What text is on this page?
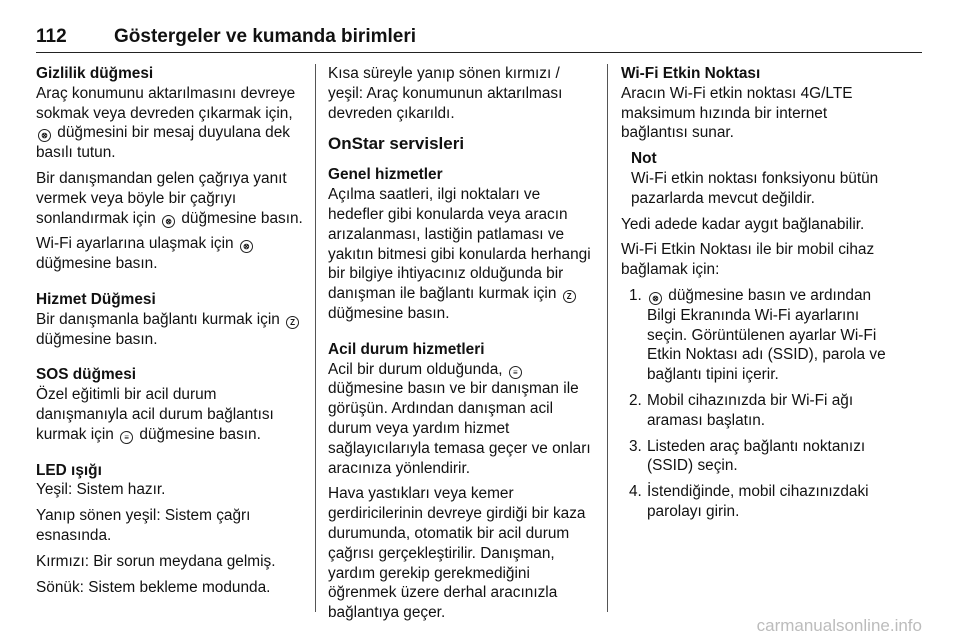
112 Göstergeler ve kumanda birimleri
Gizlilik düğmesi

Araç konumunu aktarılmasını devreye sokmak veya devreden çıkarmak için, ⊗ düğmesini bir mesaj duyulana dek basılı tutun.

Bir danışmandan gelen çağrıya yanıt vermek veya böyle bir çağrıyı sonlandırmak için ⊗ düğmesine basın.

Wi-Fi ayarlarına ulaşmak için ⊗ düğmesine basın.

Hizmet Düğmesi

Bir danışmanla bağlantı kurmak için Z düğmesine basın.

SOS düğmesi

Özel eğitimli bir acil durum danışmanıyla acil durum bağlantısı kurmak için ≡ düğmesine basın.

LED ışığı

Yeşil: Sistem hazır.

Yanıp sönen yeşil: Sistem çağrı esnasında.

Kırmızı: Bir sorun meydana gelmiş.

Sönük: Sistem bekleme modunda.

Kısa süreyle yanıp sönen kırmızı / yeşil: Araç konumunun aktarılması devreden çıkarıldı.

OnStar servisleri
Genel hizmetler

Açılma saatleri, ilgi noktaları ve hedefler gibi konularda veya aracın arızalanması, lastiğin patlaması ve yakıtın bitmesi gibi konularda herhangi bir bilgiye ihtiyacınız olduğunda bir danışman ile bağlantı kurmak için Z düğmesine basın.

Acil durum hizmetleri

Acil bir durum olduğunda, ≡ düğmesine basın ve bir danışman ile görüşün. Ardından danışman acil durum veya yardım hizmet sağlayıcılarıyla temasa geçer ve onları aracınıza yönlendirir.

Hava yastıkları veya kemer gerdiricilerinin devreye girdiği bir kaza durumunda, otomatik bir acil durum çağrısı gerçekleştirilir. Danışman, yardım gerekip gerekmediğini öğrenmek üzere derhal aracınızla bağlantıya geçer.

Wi-Fi Etkin Noktası

Aracın Wi-Fi etkin noktası 4G/LTE maksimum hızında bir internet bağlantısı sunar.

Not
Wi-Fi etkin noktası fonksiyonu bütün pazarlarda mevcut değildir.

Yedi adede kadar aygıt bağlanabilir.

Wi-Fi Etkin Noktası ile bir mobil cihaz bağlamak için:

1. ⊗ düğmesine basın ve ardından Bilgi Ekranında Wi-Fi ayarlarını seçin. Görüntülenen ayarlar Wi-Fi Etkin Noktası adı (SSID), parola ve bağlantı tipini içerir.
2. Mobil cihazınızda bir Wi-Fi ağı araması başlatın.
3. Listeden araç bağlantı noktanızı (SSID) seçin.
4. İstendiğinde, mobil cihazınızdaki parolayı girin.
carmanualsonline.info
